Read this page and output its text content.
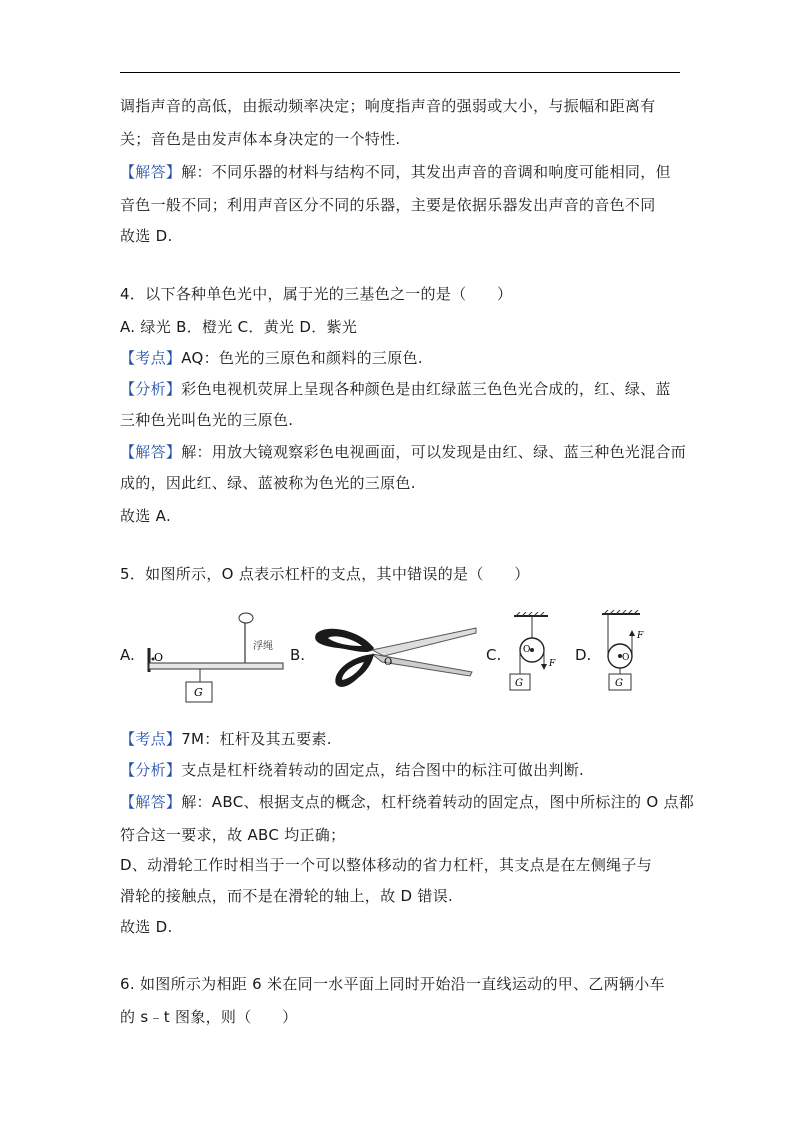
调指声音的高低，由振动频率决定；响度指声音的强弱或大小，与振幅和距离有
关；音色是由发声体本身决定的一个特性.
【解答】解：不同乐器的材料与结构不同，其发出声音的音调和响度可能相同，但
音色一般不同；利用声音区分不同的乐器，主要是依据乐器发出声音的音色不同
故选 D.
4．以下各种单色光中，属于光的三基色之一的是（　　）
A. 绿光 B．橙光 C．黄光 D．紫光
【考点】AQ：色光的三原色和颜料的三原色.
【分析】彩色电视机荧屏上呈现各种颜色是由红绿蓝三色色光合成的，红、绿、蓝
三种色光叫色光的三原色.
【解答】解：用放大镜观察彩色电视画面，可以发现是由红、绿、蓝三种色光混合而
成的，因此红、绿、蓝被称为色光的三原色.
故选 A.
5．如图所示，O 点表示杠杆的支点，其中错误的是（　　）
A. O
浮绳
G
B.	O	C. O
F
G
D.
F
O
G
【考点】7M：杠杆及其五要素.
【分析】支点是杠杆绕着转动的固定点，结合图中的标注可做出判断.
【解答】解：ABC、根据支点的概念，杠杆绕着转动的固定点，图中所标注的 O 点都
符合这一要求，故 ABC 均正确；
D、动滑轮工作时相当于一个可以整体移动的省力杠杆，其支点是在左侧绳子与
滑轮的接触点，而不是在滑轮的轴上，故 D 错误.
故选 D.
6. 如图所示为相距 6 米在同一水平面上同时开始沿一直线运动的甲、乙两辆小车
的 s﹣t 图象，则（　　）
